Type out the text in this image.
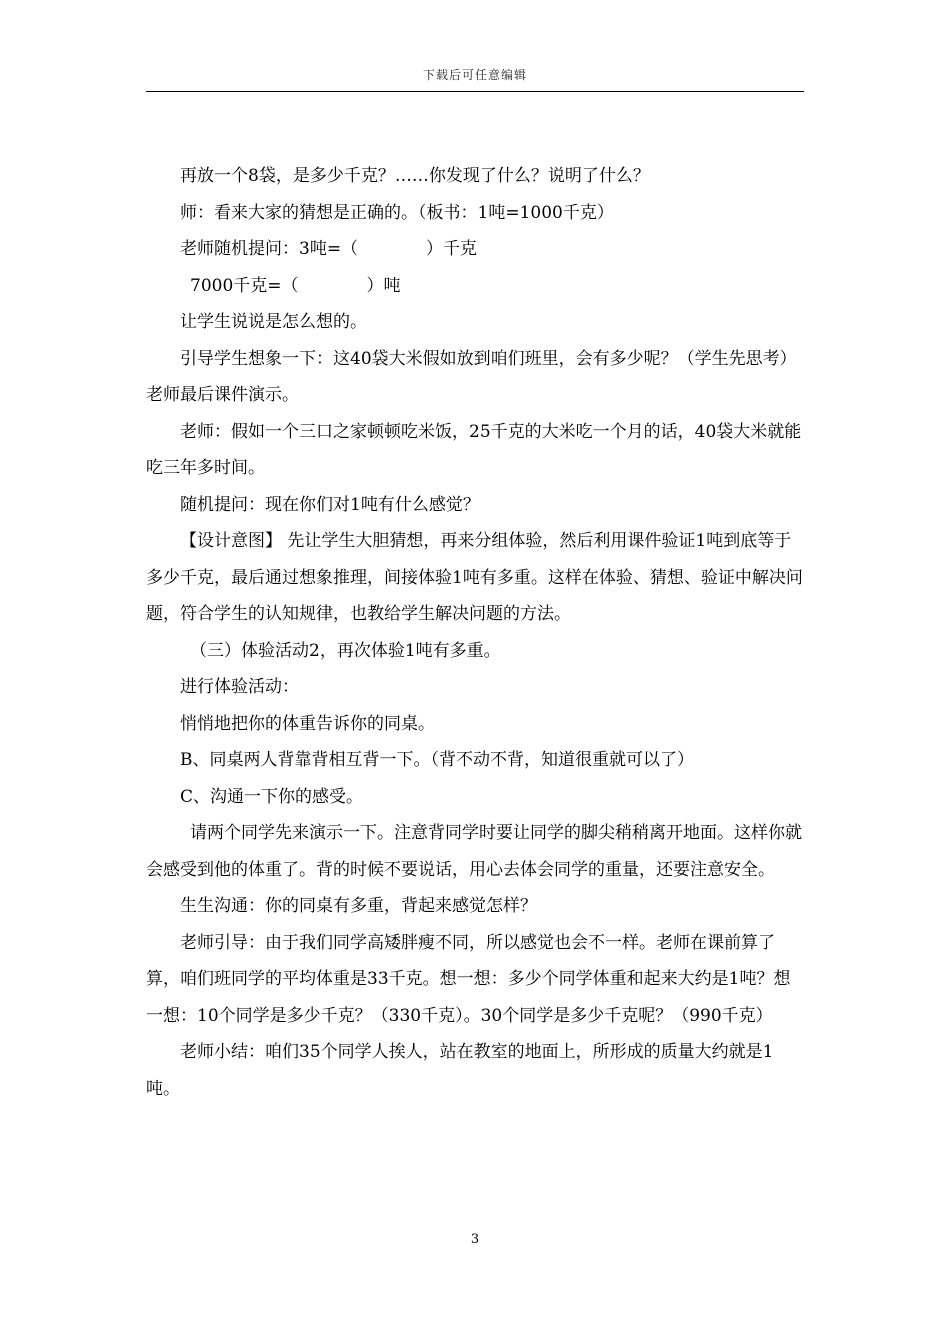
下载后可任意编辑

再放一个8袋，是多少千克？……你发现了什么？说明了什么？

师：看来大家的猜想是正确的。（板书：1吨=1000千克）

老师随机提问：3吨=（　　　　）千克

7000千克=（　　　　）吨

让学生说说是怎么想的。

引导学生想象一下：这40袋大米假如放到咱们班里，会有多少呢？（学生先思考）老师最后课件演示。

老师：假如一个三口之家顿顿吃米饭，25千克的大米吃一个月的话，40袋大米就能吃三年多时间。

随机提问：现在你们对1吨有什么感觉？

【设计意图】 先让学生大胆猜想，再来分组体验，然后利用课件验证1吨到底等于多少千克，最后通过想象推理，间接体验1吨有多重。这样在体验、猜想、验证中解决问题，符合学生的认知规律，也教给学生解决问题的方法。

（三）体验活动2，再次体验1吨有多重。

进行体验活动：

悄悄地把你的体重告诉你的同桌。

B、同桌两人背靠背相互背一下。（背不动不背，知道很重就可以了）

C、沟通一下你的感受。

请两个同学先来演示一下。注意背同学时要让同学的脚尖稍稍离开地面。这样你就会感受到他的体重了。背的时候不要说话，用心去体会同学的重量，还要注意安全。

生生沟通：你的同桌有多重，背起来感觉怎样？

老师引导：由于我们同学高矮胖瘦不同，所以感觉也会不一样。老师在课前算了算，咱们班同学的平均体重是33千克。想一想：多少个同学体重和起来大约是1吨？想一想：10个同学是多少千克？（330千克）。30个同学是多少千克呢？（990千克）

老师小结：咱们35个同学人挨人，站在教室的地面上，所形成的质量大约就是1吨。

3
